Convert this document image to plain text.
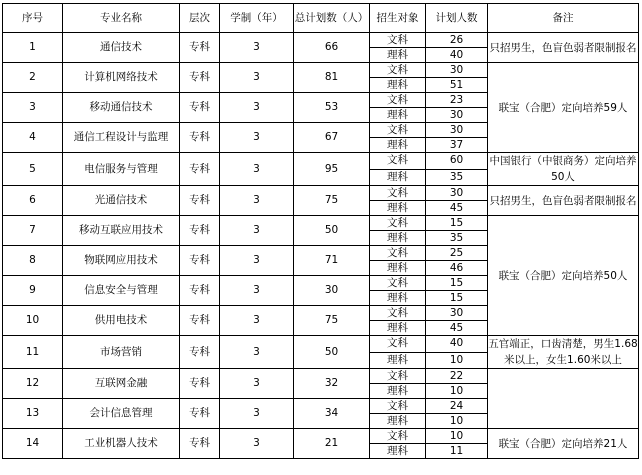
序号	专业名称	层次	学制（年）	总计划数（人）	招生对象	计划人数	备注
1	通信技术	专科	3	66	文科	26	只招男生，色盲色弱者限制报名
					理科	40	
2	计算机网络技术	专科	3	81	文科	30	联宝（合肥）定向培养59人
					理科	51	
3	移动通信技术	专科	3	53	文科	23	
					理科	30	
4	通信工程设计与监理	专科	3	67	文科	30	
					理科	37	
5	电信服务与管理	专科	3	95	文科	60	中国银行（中银商务）定向培养50人
					理科	35	
6	光通信技术	专科	3	75	文科	30	只招男生，色盲色弱者限制报名
					理科	45	
7	移动互联应用技术	专科	3	50	文科	15	联宝（合肥）定向培养50人
					理科	35	
8	物联网应用技术	专科	3	71	文科	25	
					理科	46	
9	信息安全与管理	专科	3	30	文科	15	
					理科	15	
10	供用电技术	专科	3	75	文科	30	
					理科	45	
11	市场营销	专科	3	50	文科	40	五官端正，口齿清楚，男生1.68米以上，女生1.60米以上
					理科	10	
12	互联网金融	专科	3	32	文科	22	
					理科	10	
13	会计信息管理	专科	3	34	文科	24	
					理科	10	
14	工业机器人技术	专科	3	21	文科	10	联宝（合肥）定向培养21人
					理科	11	
